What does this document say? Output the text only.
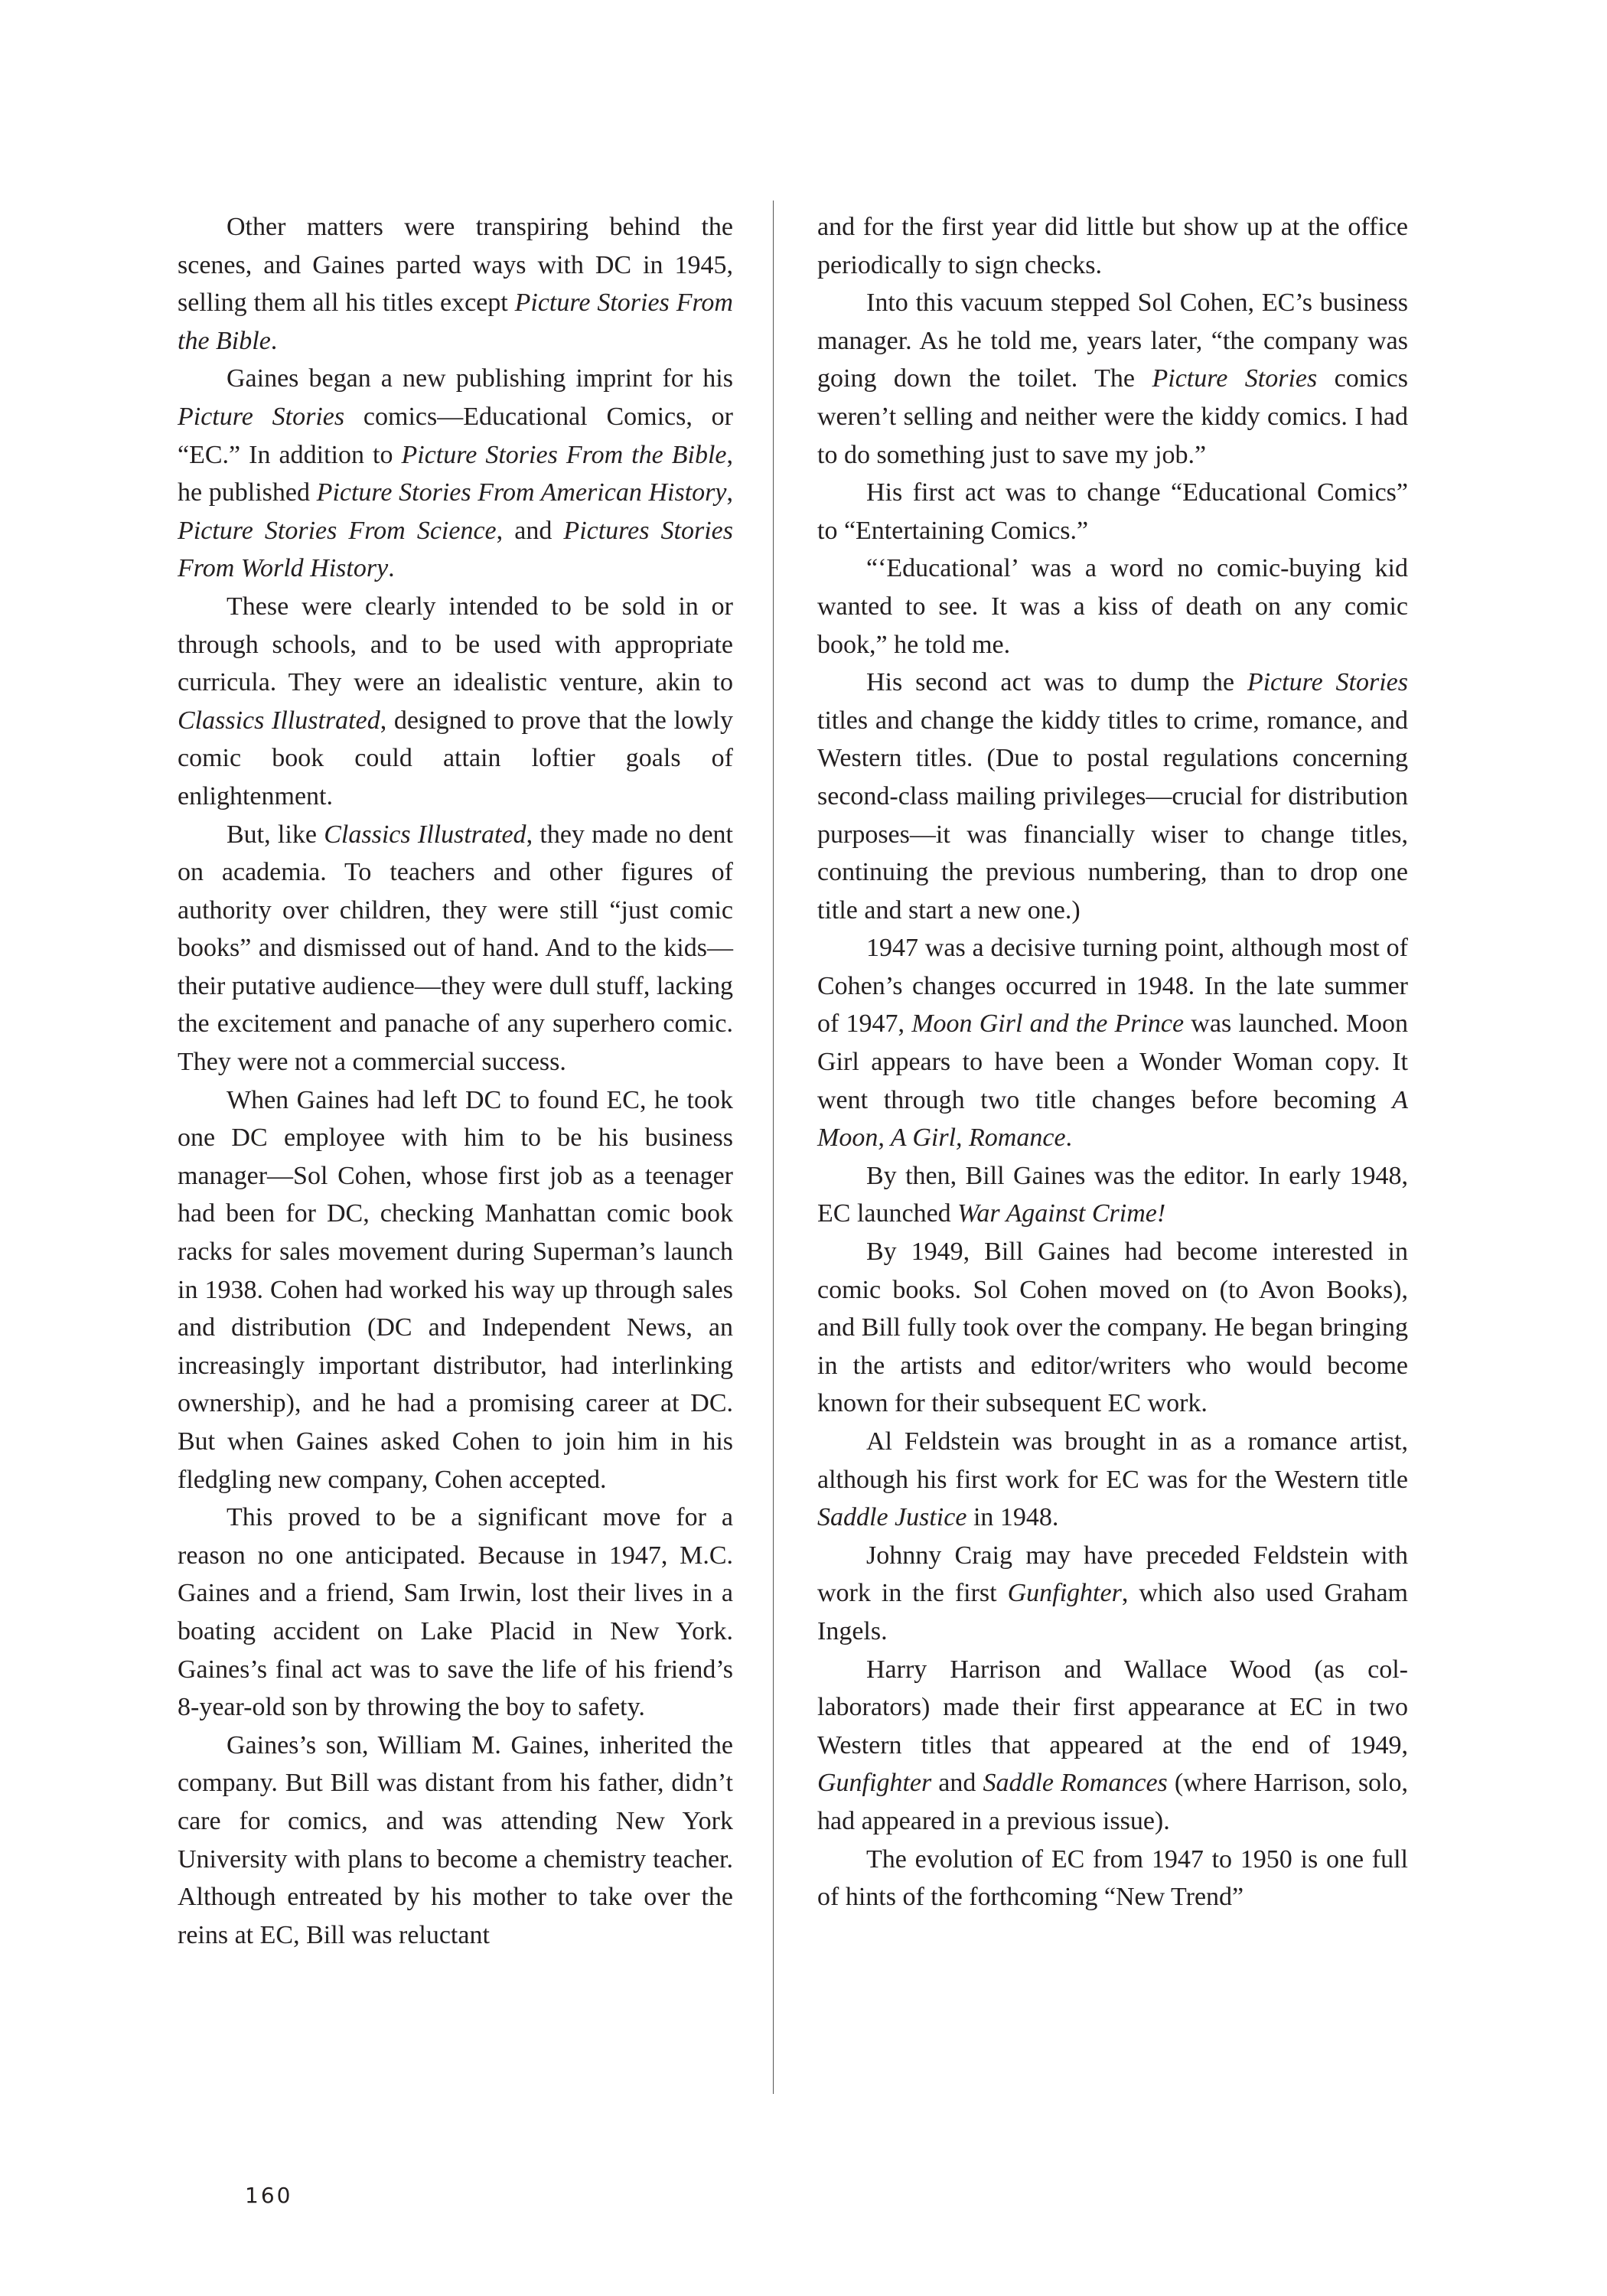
Other matters were transpiring behind the scenes, and Gaines parted ways with DC in 1945, selling them all his titles except Picture Stories From the Bible.

Gaines began a new publishing imprint for his Picture Stories comics—Educational Comics, or “EC.” In addition to Picture Stories From the Bible, he published Picture Stories From American History, Picture Stories From Science, and Pictures Stories From World History.

These were clearly intended to be sold in or through schools, and to be used with appropriate curricula. They were an idealistic venture, akin to Classics Illustrated, designed to prove that the lowly comic book could attain loftier goals of enlightenment.

But, like Classics Illustrated, they made no dent on academia. To teachers and other figures of authority over children, they were still “just comic books” and dismissed out of hand. And to the kids—their putative audience—they were dull stuff, lacking the excitement and panache of any superhero comic. They were not a commercial success.

When Gaines had left DC to found EC, he took one DC employee with him to be his business manager—Sol Cohen, whose first job as a teenager had been for DC, checking Manhattan comic book racks for sales movement during Superman’s launch in 1938. Cohen had worked his way up through sales and distribution (DC and Independent News, an increasingly important distributor, had interlinking ownership), and he had a promising career at DC. But when Gaines asked Cohen to join him in his fledgling new company, Cohen accepted.

This proved to be a significant move for a reason no one anticipated. Because in 1947, M.C. Gaines and a friend, Sam Irwin, lost their lives in a boating accident on Lake Placid in New York. Gaines’s final act was to save the life of his friend’s 8-year-old son by throwing the boy to safety.

Gaines’s son, William M. Gaines, inherited the company. But Bill was distant from his father, didn’t care for comics, and was attending New York University with plans to become a chemistry teacher. Although entreated by his mother to take over the reins at EC, Bill was reluctant

and for the first year did little but show up at the office periodically to sign checks.

Into this vacuum stepped Sol Cohen, EC’s business manager. As he told me, years later, “the company was going down the toilet. The Picture Stories comics weren’t selling and neither were the kiddy comics. I had to do something just to save my job.”

His first act was to change “Educational Comics” to “Entertaining Comics.”

“‘Educational’ was a word no comic-buying kid wanted to see. It was a kiss of death on any comic book,” he told me.

His second act was to dump the Picture Stories titles and change the kiddy titles to crime, romance, and Western titles. (Due to postal regulations concerning second-class mailing privileges—crucial for distribution purposes—it was financially wiser to change titles, continuing the previous numbering, than to drop one title and start a new one.)

1947 was a decisive turning point, although most of Cohen’s changes occurred in 1948. In the late summer of 1947, Moon Girl and the Prince was launched. Moon Girl appears to have been a Wonder Woman copy. It went through two title changes before becoming A Moon, A Girl, Romance.

By then, Bill Gaines was the editor. In early 1948, EC launched War Against Crime!

By 1949, Bill Gaines had become interested in comic books. Sol Cohen moved on (to Avon Books), and Bill fully took over the company. He began bringing in the artists and editor/writers who would become known for their subsequent EC work.

Al Feldstein was brought in as a romance artist, although his first work for EC was for the Western title Saddle Justice in 1948.

Johnny Craig may have preceded Feldstein with work in the first Gunfighter, which also used Graham Ingels.

Harry Harrison and Wallace Wood (as collaborators) made their first appearance at EC in two Western titles that appeared at the end of 1949, Gunfighter and Saddle Romances (where Harrison, solo, had appeared in a previous issue).

The evolution of EC from 1947 to 1950 is one full of hints of the forthcoming “New Trend”

160
